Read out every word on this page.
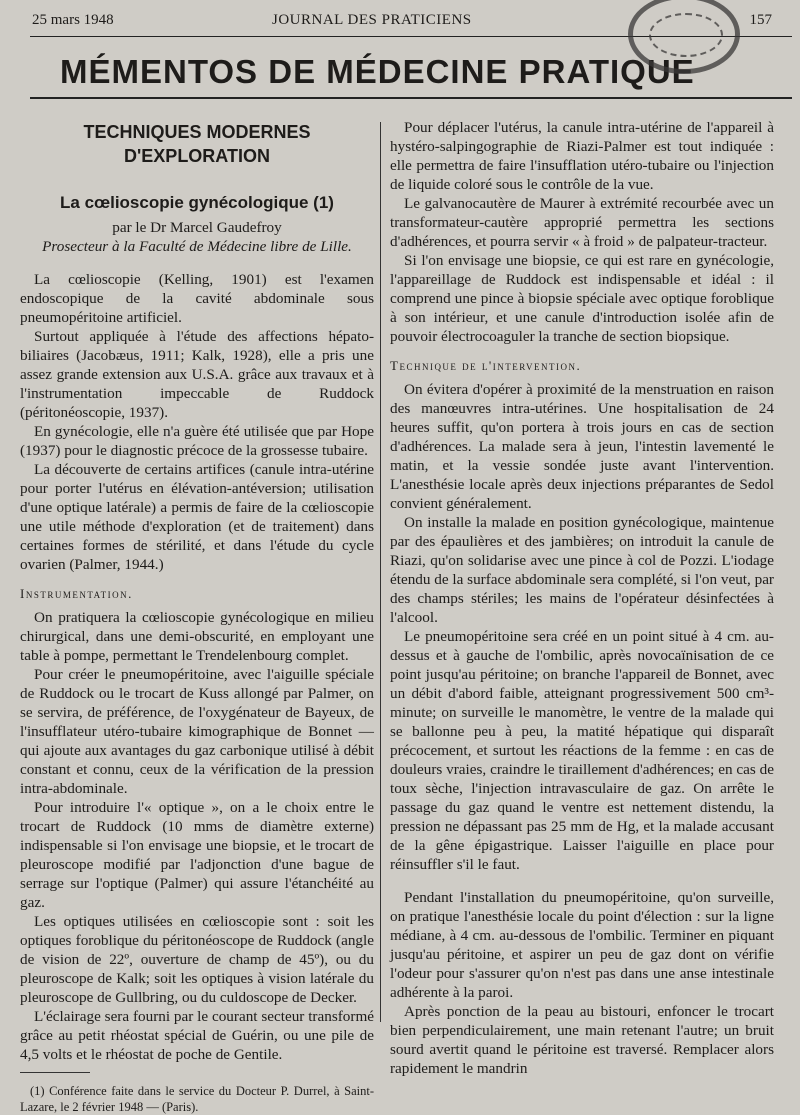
25 mars 1948	JOURNAL DES PRATICIENS	157
MÉMENTOS DE MÉDECINE PRATIQUE
TECHNIQUES MODERNES D'EXPLORATION
La cœlioscopie gynécologique (1)
par le Dr Marcel Gaudefroy
Prosecteur à la Faculté de Médecine libre de Lille.

La cœlioscopie (Kelling, 1901) est l'examen endoscopique de la cavité abdominale sous pneumopéritoine artificiel.

Surtout appliquée à l'étude des affections hépato-biliaires (Jacobæus, 1911; Kalk, 1928), elle a pris une assez grande extension aux U.S.A. grâce aux travaux et à l'instrumentation impeccable de Ruddock (péritonéoscopie, 1937).

En gynécologie, elle n'a guère été utilisée que par Hope (1937) pour le diagnostic précoce de la grossesse tubaire.

La découverte de certains artifices (canule intra-utérine pour porter l'utérus en élévation-antéversion; utilisation d'une optique latérale) a permis de faire de la cœlioscopie une utile méthode d'exploration (et de traitement) dans certaines formes de stérilité, et dans l'étude du cycle ovarien (Palmer, 1944.)

Instrumentation.

On pratiquera la cœlioscopie gynécologique en milieu chirurgical, dans une demi-obscurité, en employant une table à pompe, permettant le Trendelenbourg complet.

Pour créer le pneumopéritoine, avec l'aiguille spéciale de Ruddock ou le trocart de Kuss allongé par Palmer, on se servira, de préférence, de l'oxygénateur de Bayeux, de l'insufflateur utéro-tubaire kimographique de Bonnet — qui ajoute aux avantages du gaz carbonique utilisé à débit constant et connu, ceux de la vérification de la pression intra-abdominale.

Pour introduire l'« optique », on a le choix entre le trocart de Ruddock (10 mms de diamètre externe) indispensable si l'on envisage une biopsie, et le trocart de pleuroscope modifié par l'adjonction d'une bague de serrage sur l'optique (Palmer) qui assure l'étanchéité au gaz.

Les optiques utilisées en cœlioscopie sont : soit les optiques foroblique du péritonéoscope de Ruddock (angle de vision de 22º, ouverture de champ de 45º), ou du pleuroscope de Kalk; soit les optiques à vision latérale du pleuroscope de Gullbring, ou du culdoscope de Decker.

L'éclairage sera fourni par le courant secteur transformé grâce au petit rhéostat spécial de Guérin, ou une pile de 4,5 volts et le rhéostat de poche de Gentile.

(1) Conférence faite dans le service du Docteur P. Durrel, à Saint-Lazare, le 2 février 1948 — (Paris).

Pour déplacer l'utérus, la canule intra-utérine de l'appareil à hystéro-salpingographie de Riazi-Palmer est tout indiquée : elle permettra de faire l'insufflation utéro-tubaire ou l'injection de liquide coloré sous le contrôle de la vue.

Le galvanocautère de Maurer à extrémité recourbée avec un transformateur-cautère approprié permettra les sections d'adhérences, et pourra servir « à froid » de palpateur-tracteur.

Si l'on envisage une biopsie, ce qui est rare en gynécologie, l'appareillage de Ruddock est indispensable et idéal : il comprend une pince à biopsie spéciale avec optique foroblique à son intérieur, et une canule d'introduction isolée afin de pouvoir électrocoaguler la tranche de section biopsique.

Technique de l'intervention.

On évitera d'opérer à proximité de la menstruation en raison des manœuvres intra-utérines. Une hospitalisation de 24 heures suffit, qu'on portera à trois jours en cas de section d'adhérences. La malade sera à jeun, l'intestin lavementé le matin, et la vessie sondée juste avant l'intervention. L'anesthésie locale après deux injections préparantes de Sedol convient généralement.

On installe la malade en position gynécologique, maintenue par des épaulières et des jambières; on introduit la canule de Riazi, qu'on solidarise avec une pince à col de Pozzi. L'iodage étendu de la surface abdominale sera complété, si l'on veut, par des champs stériles; les mains de l'opérateur désinfectées à l'alcool.

Le pneumopéritoine sera créé en un point situé à 4 cm. au-dessus et à gauche de l'ombilic, après novocaïnisation de ce point jusqu'au péritoine; on branche l'appareil de Bonnet, avec un débit d'abord faible, atteignant progressivement 500 cm³-minute; on surveille le manomètre, le ventre de la malade qui se ballonne peu à peu, la matité hépatique qui disparaît précocement, et surtout les réactions de la femme : en cas de douleurs vraies, craindre le tiraillement d'adhérences; en cas de toux sèche, l'injection intravasculaire de gaz. On arrête le passage du gaz quand le ventre est nettement distendu, la pression ne dépassant pas 25 mm de Hg, et la malade accusant de la gêne épigastrique. Laisser l'aiguille en place pour réinsuffler s'il le faut.

Pendant l'installation du pneumopéritoine, qu'on surveille, on pratique l'anesthésie locale du point d'élection : sur la ligne médiane, à 4 cm. au-dessous de l'ombilic. Terminer en piquant jusqu'au péritoine, et aspirer un peu de gaz dont on vérifie l'odeur pour s'assurer qu'on n'est pas dans une anse intestinale adhérente à la paroi.

Après ponction de la peau au bistouri, enfoncer le trocart bien perpendiculairement, une main retenant l'autre; un bruit sourd avertit quand le péritoine est traversé. Remplacer alors rapidement le mandrin
